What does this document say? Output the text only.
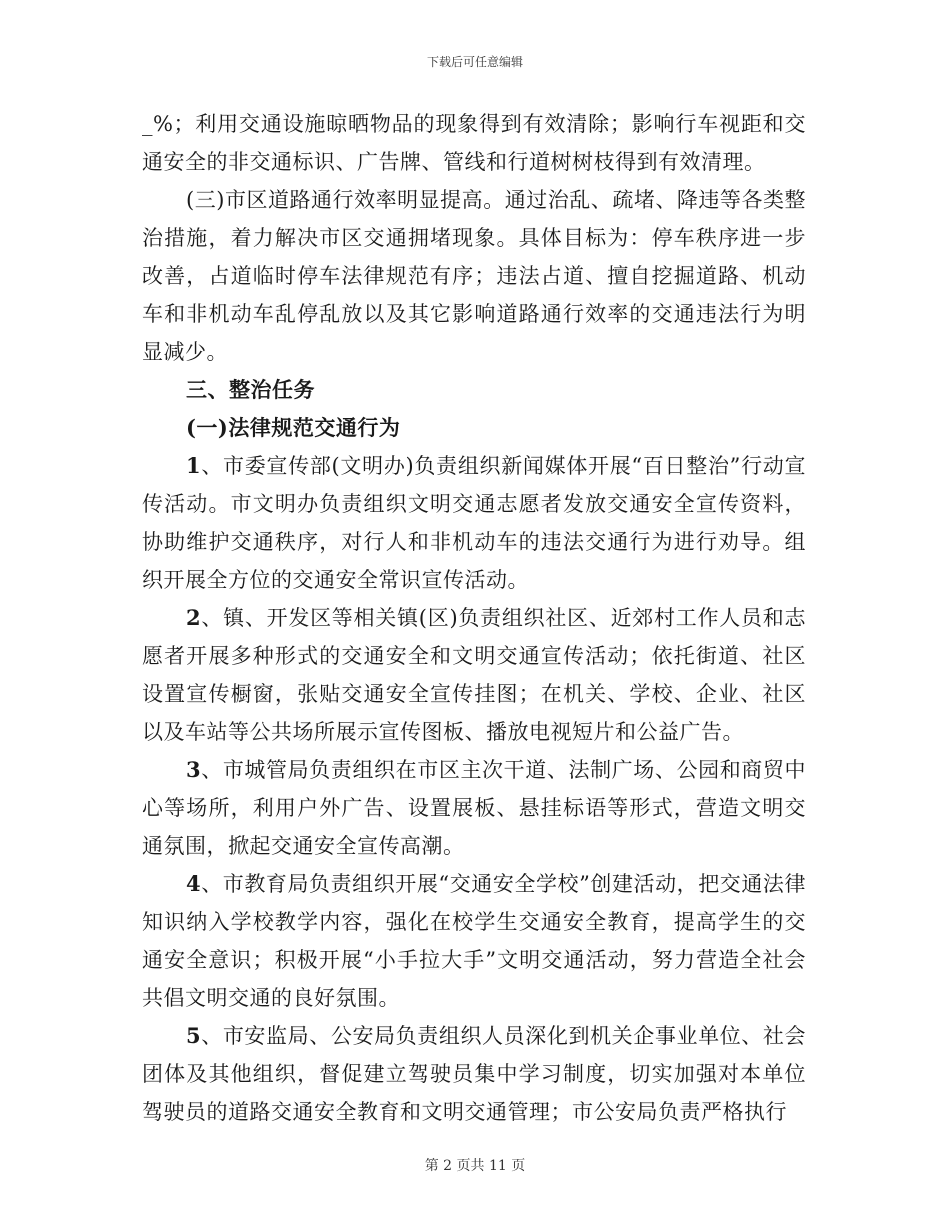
下载后可任意编辑

_%；利用交通设施晾晒物品的现象得到有效清除；影响行车视距和交通安全的非交通标识、广告牌、管线和行道树树枝得到有效清理。

(三)市区道路通行效率明显提高。通过治乱、疏堵、降违等各类整治措施，着力解决市区交通拥堵现象。具体目标为：停车秩序进一步改善，占道临时停车法律规范有序；违法占道、擅自挖掘道路、机动车和非机动车乱停乱放以及其它影响道路通行效率的交通违法行为明显减少。

三、整治任务

(一)法律规范交通行为

1、市委宣传部(文明办)负责组织新闻媒体开展“百日整治”行动宣传活动。市文明办负责组织文明交通志愿者发放交通安全宣传资料，协助维护交通秩序，对行人和非机动车的违法交通行为进行劝导。组织开展全方位的交通安全常识宣传活动。

2、镇、开发区等相关镇(区)负责组织社区、近郊村工作人员和志愿者开展多种形式的交通安全和文明交通宣传活动；依托街道、社区设置宣传橱窗，张贴交通安全宣传挂图；在机关、学校、企业、社区以及车站等公共场所展示宣传图板、播放电视短片和公益广告。

3、市城管局负责组织在市区主次干道、法制广场、公园和商贸中心等场所，利用户外广告、设置展板、悬挂标语等形式，营造文明交通氛围，掀起交通安全宣传高潮。

4、市教育局负责组织开展“交通安全学校”创建活动，把交通法律知识纳入学校教学内容，强化在校学生交通安全教育，提高学生的交通安全意识；积极开展“小手拉大手”文明交通活动，努力营造全社会共倡文明交通的良好氛围。

5、市安监局、公安局负责组织人员深化到机关企事业单位、社会团体及其他组织，督促建立驾驶员集中学习制度，切实加强对本单位驾驶员的道路交通安全教育和文明交通管理；市公安局负责严格执行

第 2 页共 11 页
